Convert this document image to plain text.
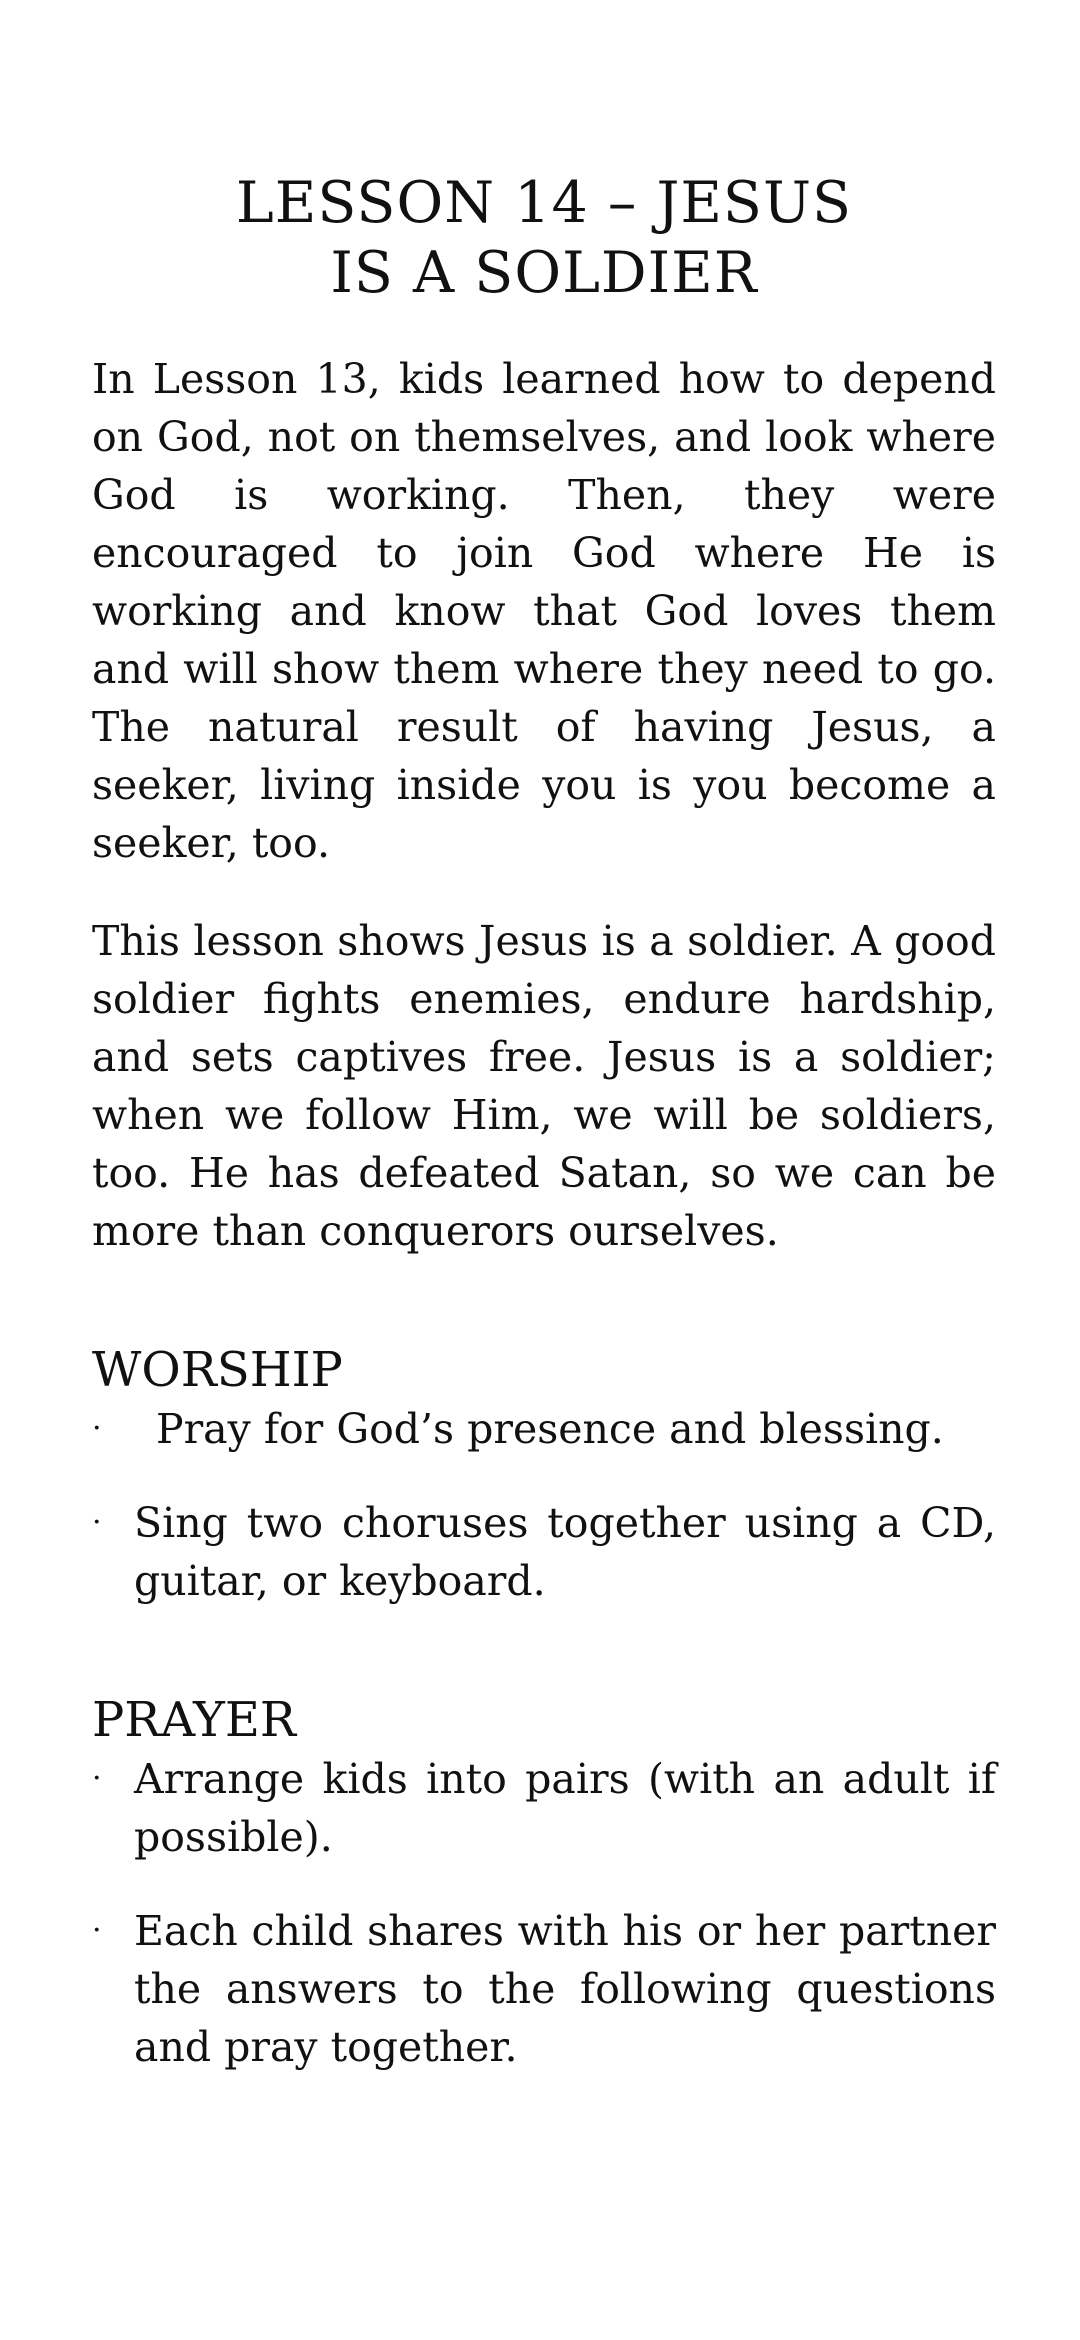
LESSON 14 – JESUS
IS A SOLDIER

In Lesson 13, kids learned how to depend on God, not on themselves, and look where God is working. Then, they were encouraged to join God where He is working and know that God loves them and will show them where they need to go. The natural result of having Jesus, a seeker, living inside you is you become a seeker, too.

This lesson shows Jesus is a soldier. A good soldier fights enemies, endure hardship, and sets captives free. Jesus is a soldier; when we follow Him, we will be soldiers, too. He has defeated Satan, so we can be more than conquerors ourselves.

WORSHIP
· Pray for God’s presence and blessing.
· Sing two choruses together using a CD, guitar, or keyboard.
PRAYER
· Arrange kids into pairs (with an adult if possible).
· Each child shares with his or her partner the answers to the following questions and pray together.
